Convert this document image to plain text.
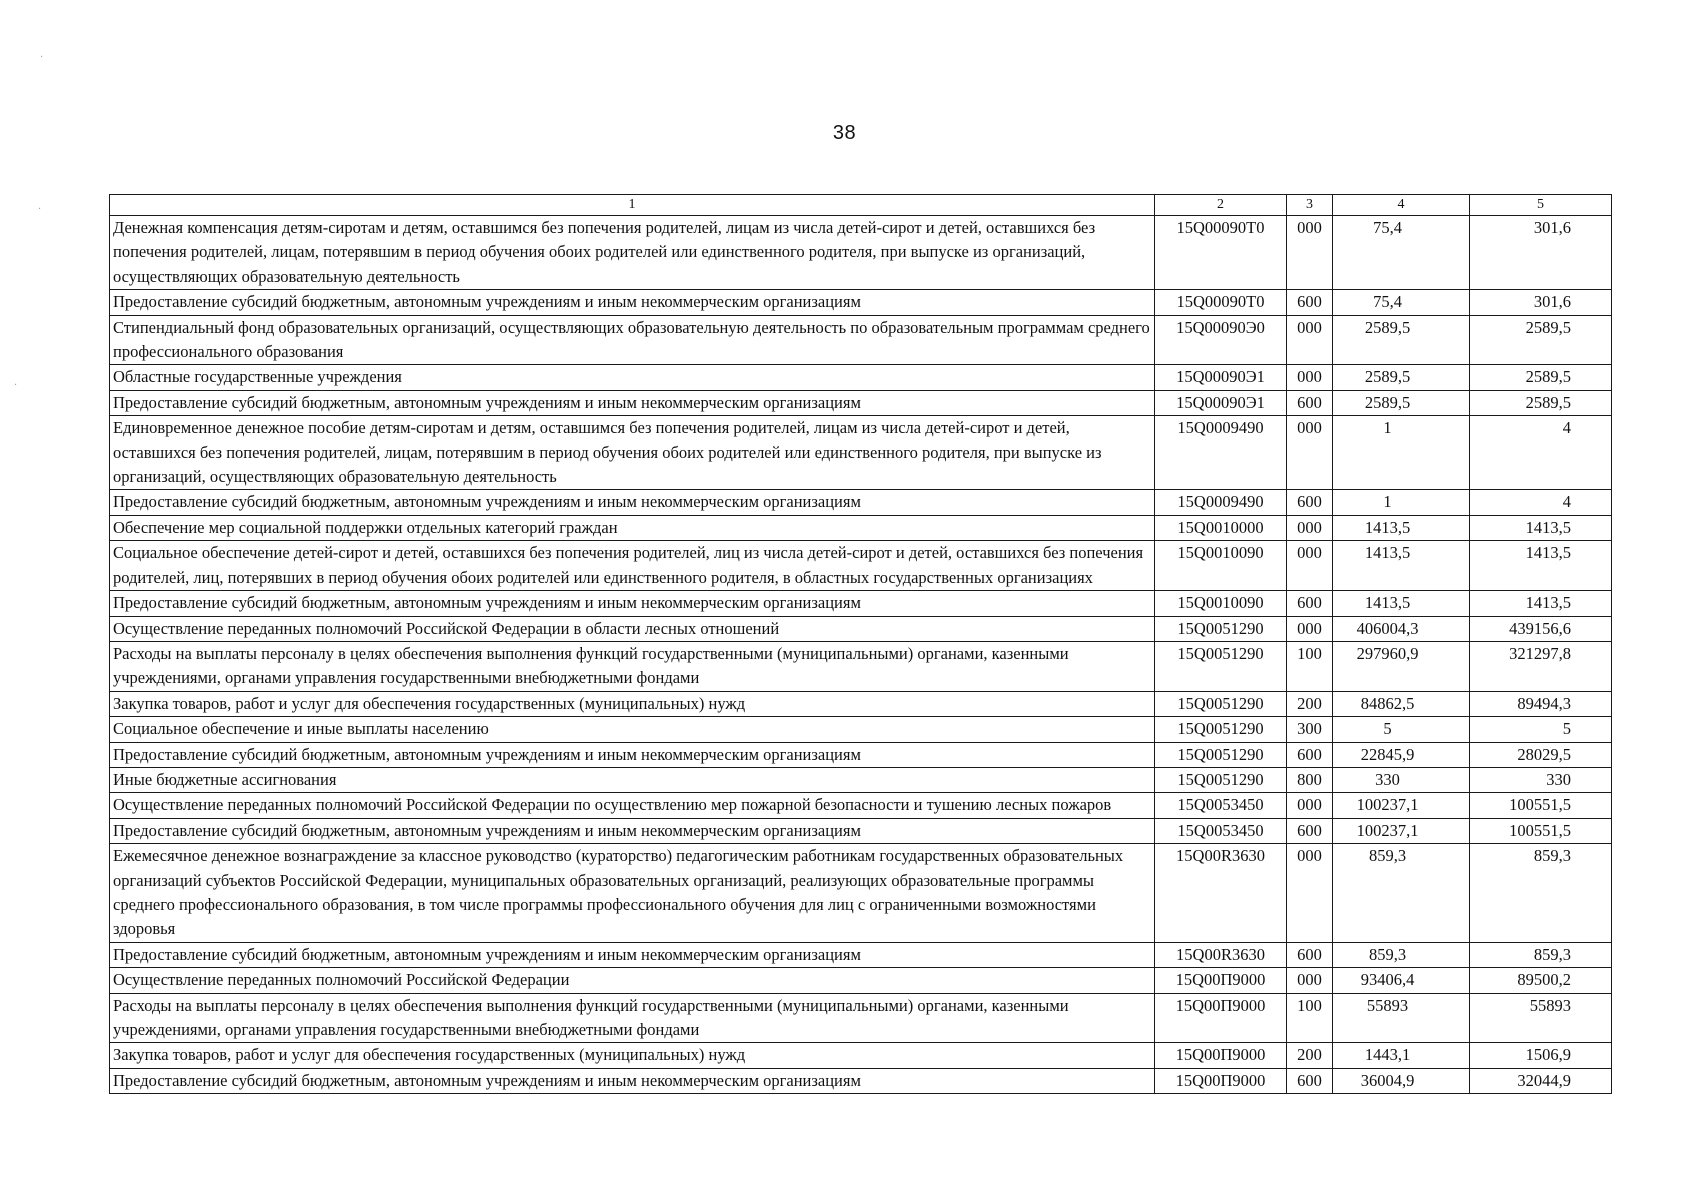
·
·
·
38
1	2	3	4	5
Денежная компенсация детям-сиротам и детям, оставшимся без попечения родителей, лицам из числа детей-сирот и детей, оставшихся без попечения родителей, лицам, потерявшим в период обучения обоих родителей или единственного родителя, при выпуске из организаций, осуществляющих образовательную деятельность	15Q00090Т0	000	75,4	301,6
Предоставление субсидий бюджетным, автономным учреждениям и иным некоммерческим организациям	15Q00090Т0	600	75,4	301,6
Стипендиальный фонд образовательных организаций, осуществляющих образовательную деятельность по образовательным программам среднего профессионального образования	15Q00090Э0	000	2589,5	2589,5
Областные государственные учреждения	15Q00090Э1	000	2589,5	2589,5
Предоставление субсидий бюджетным, автономным учреждениям и иным некоммерческим организациям	15Q00090Э1	600	2589,5	2589,5
Единовременное денежное пособие детям-сиротам и детям, оставшимся без попечения родителей, лицам из числа детей-сирот и детей, оставшихся без попечения родителей, лицам, потерявшим в период обучения обоих родителей или единственного родителя, при выпуске из организаций, осуществляющих образовательную деятельность	15Q0009490	000	1	4
Предоставление субсидий бюджетным, автономным учреждениям и иным некоммерческим организациям	15Q0009490	600	1	4
Обеспечение мер социальной поддержки отдельных категорий граждан	15Q0010000	000	1413,5	1413,5
Социальное обеспечение детей-сирот и детей, оставшихся без попечения родителей, лиц из числа детей-сирот и детей, оставшихся без попечения родителей, лиц, потерявших в период обучения обоих родителей или единственного родителя, в областных государственных организациях	15Q0010090	000	1413,5	1413,5
Предоставление субсидий бюджетным, автономным учреждениям и иным некоммерческим организациям	15Q0010090	600	1413,5	1413,5
Осуществление переданных полномочий Российской Федерации в области лесных отношений	15Q0051290	000	406004,3	439156,6
Расходы на выплаты персоналу в целях обеспечения выполнения функций государственными (муниципальными) органами, казенными учреждениями, органами управления государственными внебюджетными фондами	15Q0051290	100	297960,9	321297,8
Закупка товаров, работ и услуг для обеспечения государственных (муниципальных) нужд	15Q0051290	200	84862,5	89494,3
Социальное обеспечение и иные выплаты населению	15Q0051290	300	5	5
Предоставление субсидий бюджетным, автономным учреждениям и иным некоммерческим организациям	15Q0051290	600	22845,9	28029,5
Иные бюджетные ассигнования	15Q0051290	800	330	330
Осуществление переданных полномочий Российской Федерации по осуществлению мер пожарной безопасности и тушению лесных пожаров	15Q0053450	000	100237,1	100551,5
Предоставление субсидий бюджетным, автономным учреждениям и иным некоммерческим организациям	15Q0053450	600	100237,1	100551,5
Ежемесячное денежное вознаграждение за классное руководство (кураторство) педагогическим работникам государственных образовательных организаций субъектов Российской Федерации, муниципальных образовательных организаций, реализующих образовательные программы среднего профессионального образования, в том числе программы профессионального обучения для лиц с ограниченными возможностями здоровья	15Q00R3630	000	859,3	859,3
Предоставление субсидий бюджетным, автономным учреждениям и иным некоммерческим организациям	15Q00R3630	600	859,3	859,3
Осуществление переданных полномочий Российской Федерации	15Q00П9000	000	93406,4	89500,2
Расходы на выплаты персоналу в целях обеспечения выполнения функций государственными (муниципальными) органами, казенными учреждениями, органами управления государственными внебюджетными фондами	15Q00П9000	100	55893	55893
Закупка товаров, работ и услуг для обеспечения государственных (муниципальных) нужд	15Q00П9000	200	1443,1	1506,9
Предоставление субсидий бюджетным, автономным учреждениям и иным некоммерческим организациям	15Q00П9000	600	36004,9	32044,9
